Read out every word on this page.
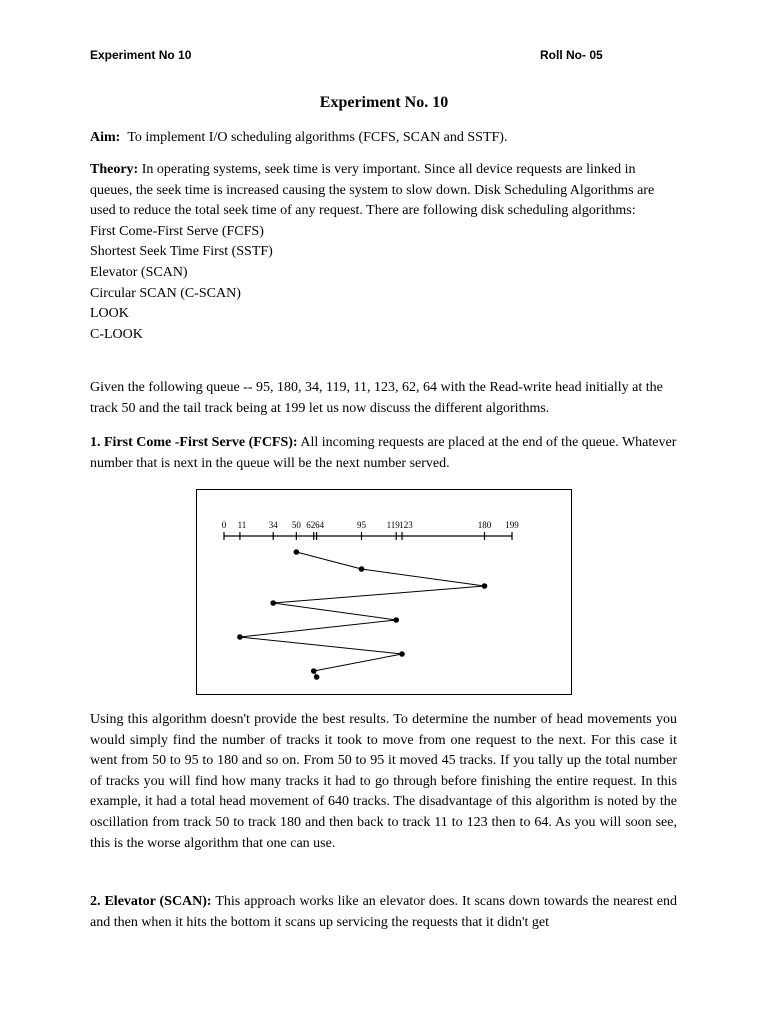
Experiment No 10	Roll No- 05
Experiment No. 10

Aim: To implement I/O scheduling algorithms (FCFS, SCAN and SSTF).

Theory: In operating systems, seek time is very important. Since all device requests are linked in queues, the seek time is increased causing the system to slow down. Disk Scheduling Algorithms are used to reduce the total seek time of any request. There are following disk scheduling algorithms:

First Come-First Serve (FCFS)
Shortest Seek Time First (SSTF)
Elevator (SCAN)
Circular SCAN (C-SCAN)
LOOK
C-LOOK

Given the following queue -- 95, 180, 34, 119, 11, 123, 62, 64 with the Read-write head initially at the track 50 and the tail track being at 199 let us now discuss the different algorithms.

1. First Come -First Serve (FCFS): All incoming requests are placed at the end of the queue. Whatever number that is next in the queue will be the next number served.

0 11 34 50 62 64	95 119 123	180 199

Using this algorithm doesn't provide the best results. To determine the number of head movements you would simply find the number of tracks it took to move from one request to the next. For this case it went from 50 to 95 to 180 and so on. From 50 to 95 it moved 45 tracks. If you tally up the total number of tracks you will find how many tracks it had to go through before finishing the entire request. In this example, it had a total head movement of 640 tracks. The disadvantage of this algorithm is noted by the oscillation from track 50 to track 180 and then back to track 11 to 123 then to 64. As you will soon see, this is the worse algorithm that one can use.

2. Elevator (SCAN): This approach works like an elevator does. It scans down towards the nearest end and then when it hits the bottom it scans up servicing the requests that it didn't get
